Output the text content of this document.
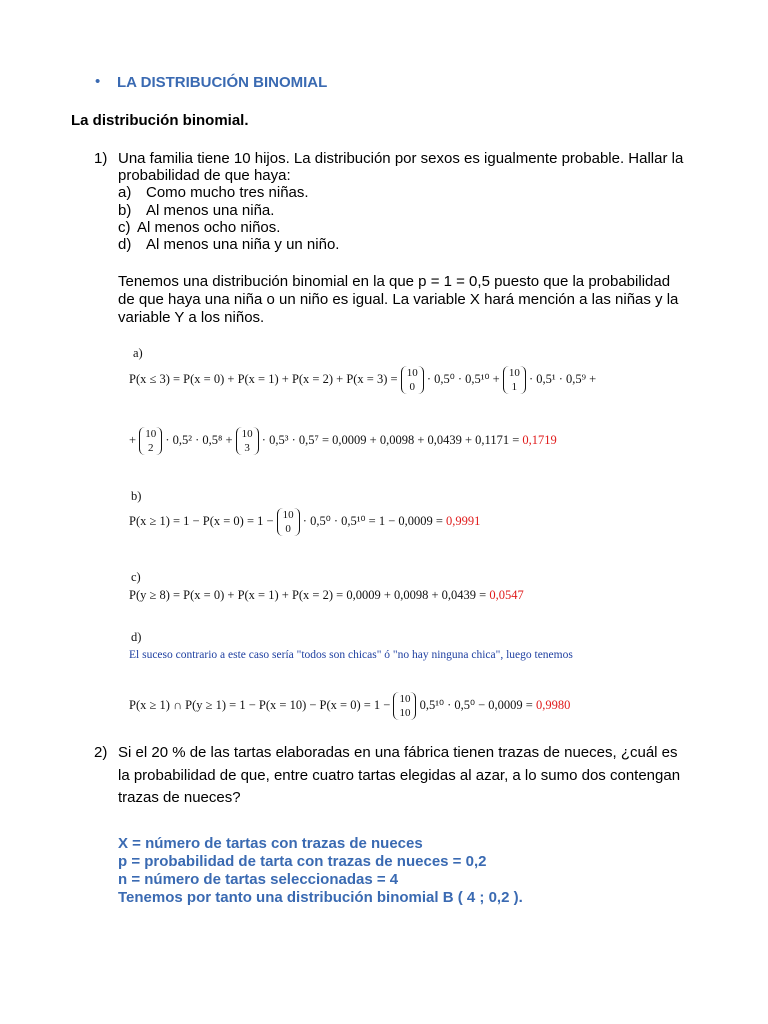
• LA DISTRIBUCIÓN BINOMIAL
La distribución binomial.
1) Una familia tiene 10 hijos. La distribución por sexos es igualmente probable. Hallar la
probabilidad de que haya:
a) Como mucho tres niñas.
b) Al menos una niña.
c) Al menos ocho niños.
d) Al menos una niña y un niño.
Tenemos una distribución binomial en la que p = 1 = 0,5 puesto que la probabilidad
de que haya una niña o un niño es igual. La variable X hará mención a las niñas y la
variable Y a los niños.
a)
P(x ≤ 3) = P(x = 0) + P(x = 1) + P(x = 2) + P(x = 3) = 10
0
· 0,5⁰ · 0,5¹⁰ + 10
1
· 0,5¹ · 0,5⁹ +
+ 10
2
· 0,5² · 0,5⁸ + 10
3
· 0,5³ · 0,5⁷ = 0,0009 + 0,0098 + 0,0439 + 0,1171 = 0,1719
b)
P(x ≥ 1) = 1 − P(x = 0) = 1 − 10
0
· 0,5⁰ · 0,5¹⁰ = 1 − 0,0009 = 0,9991
c)
P(y ≥ 8) = P(x = 0) + P(x = 1) + P(x = 2) = 0,0009 + 0,0098 + 0,0439 = 0,0547
d)
El suceso contrario a este caso sería "todos son chicas" ó "no hay ninguna chica", luego tenemos
P(x ≥ 1) ∩ P(y ≥ 1) = 1 − P(x = 10) − P(x = 0) = 1 − 10
10
0,5¹⁰ · 0,5⁰ − 0,0009 = 0,9980
2) Si el 20 % de las tartas elaboradas en una fábrica tienen trazas de nueces, ¿cuál es
la probabilidad de que, entre cuatro tartas elegidas al azar, a lo sumo dos contengan
trazas de nueces?
X = número de tartas con trazas de nueces
p = probabilidad de tarta con trazas de nueces = 0,2
n = número de tartas seleccionadas = 4
Tenemos por tanto una distribución binomial B ( 4 ; 0,2 ).
